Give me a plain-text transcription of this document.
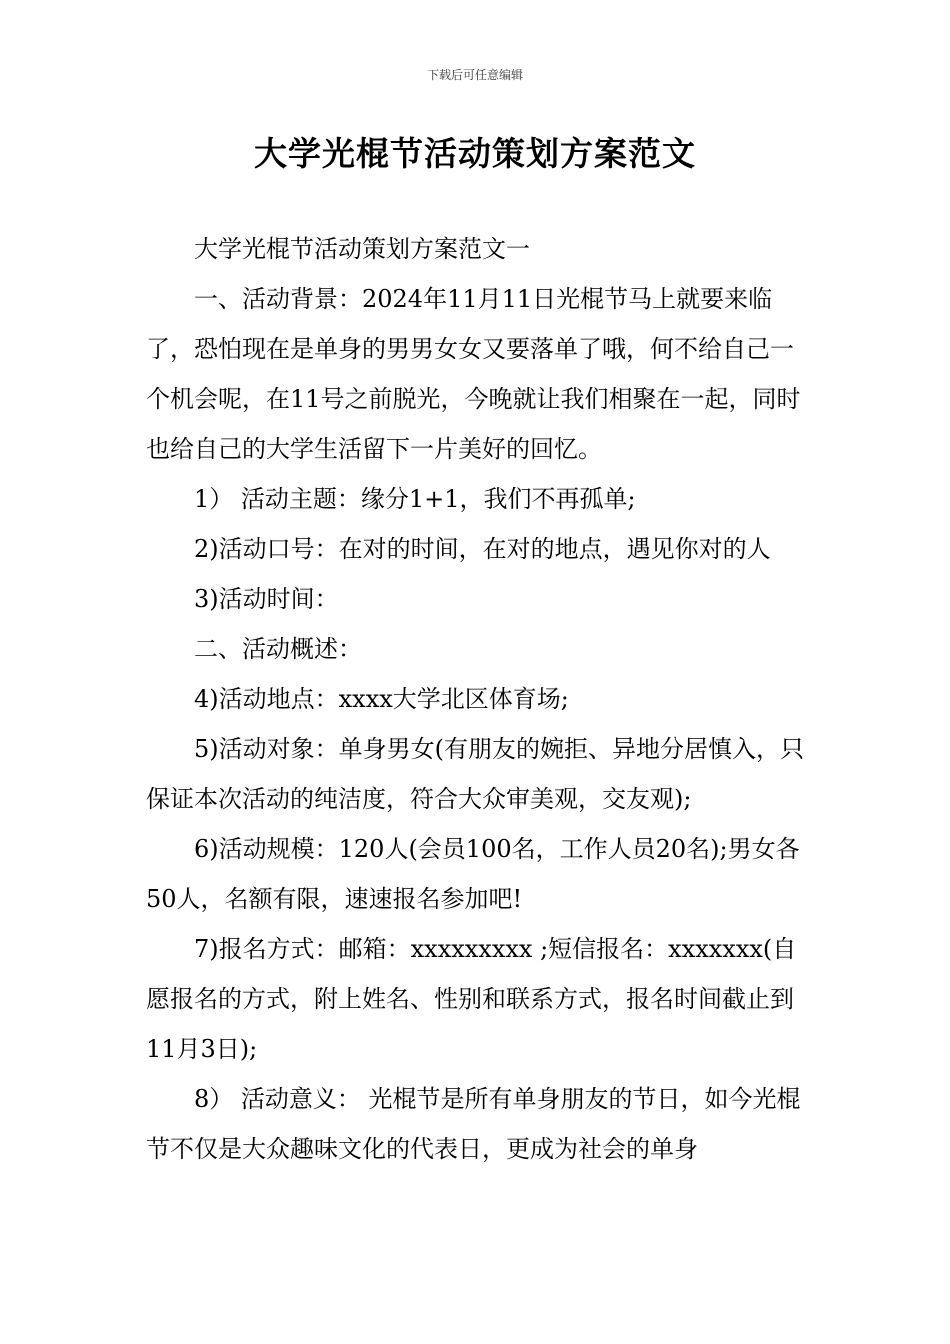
下载后可任意编辑
大学光棍节活动策划方案范文

大学光棍节活动策划方案范文一

一、活动背景：2024年11月11日光棍节马上就要来临了，恐怕现在是单身的男男女女又要落单了哦，何不给自己一个机会呢，在11号之前脱光，今晚就让我们相聚在一起，同时也给自己的大学生活留下一片美好的回忆。

1） 活动主题：缘分1+1，我们不再孤单;

2)活动口号：在对的时间，在对的地点，遇见你对的人

3)活动时间：

二、活动概述：

4)活动地点：xxxx大学北区体育场;

5)活动对象：单身男女(有朋友的婉拒、异地分居慎入，只保证本次活动的纯洁度，符合大众审美观，交友观);

6)活动规模：120人(会员100名，工作人员20名);男女各50人，名额有限，速速报名参加吧!

7)报名方式：邮箱：xxxxxxxxx ;短信报名：xxxxxxx(自愿报名的方式，附上姓名、性别和联系方式，报名时间截止到11月3日);

8） 活动意义： 光棍节是所有单身朋友的节日，如今光棍节不仅是大众趣味文化的代表日，更成为社会的单身
